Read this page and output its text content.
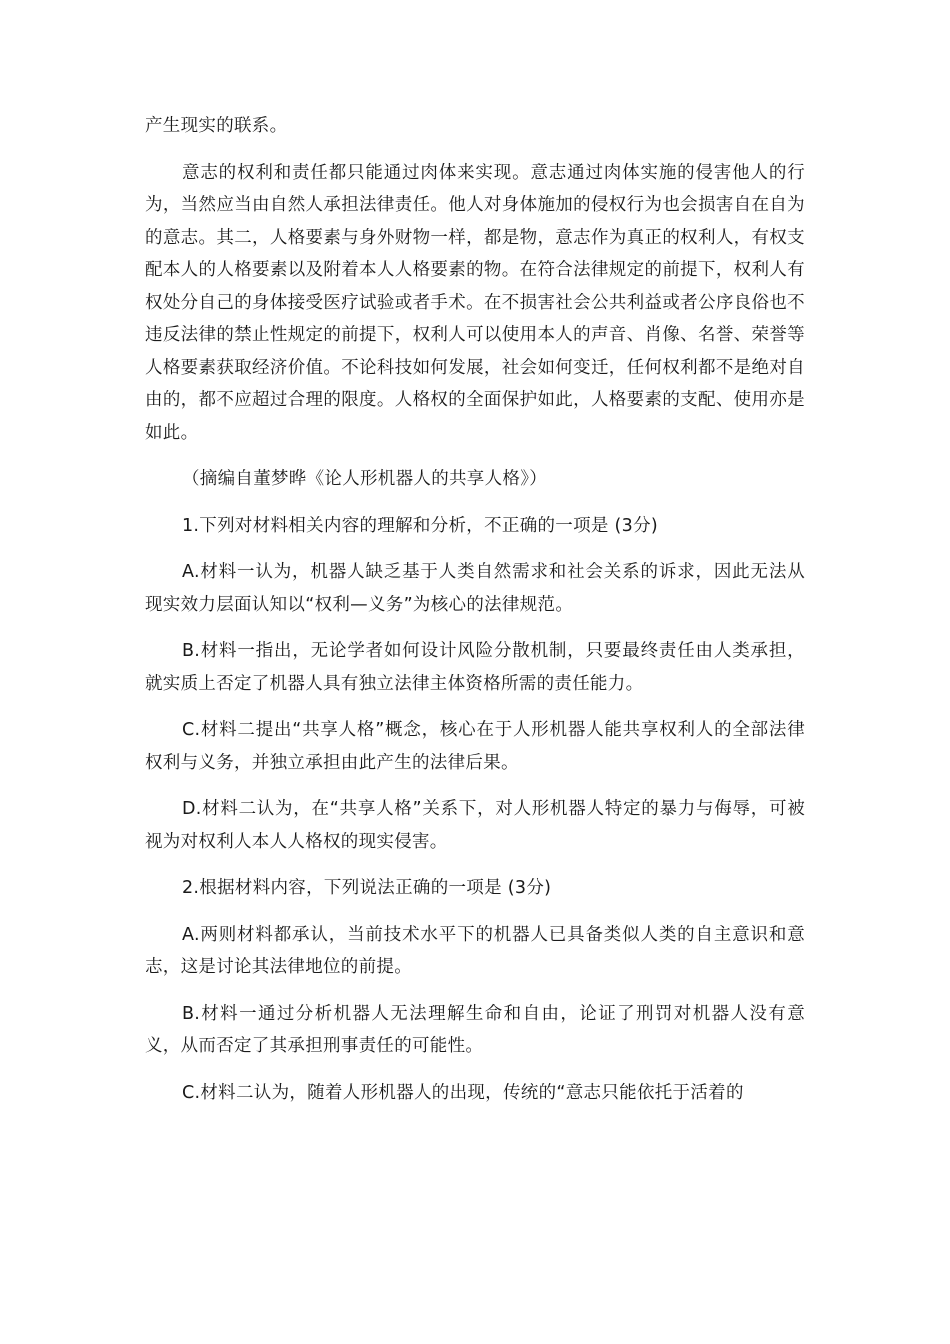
产生现实的联系。

意志的权利和责任都只能通过肉体来实现。意志通过肉体实施的侵害他人的行为，当然应当由自然人承担法律责任。他人对身体施加的侵权行为也会损害自在自为的意志。其二，人格要素与身外财物一样，都是物，意志作为真正的权利人，有权支配本人的人格要素以及附着本人人格要素的物。在符合法律规定的前提下，权利人有权处分自己的身体接受医疗试验或者手术。在不损害社会公共利益或者公序良俗也不违反法律的禁止性规定的前提下，权利人可以使用本人的声音、肖像、名誉、荣誉等人格要素获取经济价值。不论科技如何发展，社会如何变迁，任何权利都不是绝对自由的，都不应超过合理的限度。人格权的全面保护如此，人格要素的支配、使用亦是如此。

（摘编自董梦晔《论人形机器人的共享人格》）

1.下列对材料相关内容的理解和分析，不正确的一项是 (3分)

A.材料一认为，机器人缺乏基于人类自然需求和社会关系的诉求，因此无法从现实效力层面认知以“权利—义务”为核心的法律规范。

B.材料一指出，无论学者如何设计风险分散机制，只要最终责任由人类承担，就实质上否定了机器人具有独立法律主体资格所需的责任能力。

C.材料二提出“共享人格”概念，核心在于人形机器人能共享权利人的全部法律权利与义务，并独立承担由此产生的法律后果。

D.材料二认为，在“共享人格”关系下，对人形机器人特定的暴力与侮辱，可被视为对权利人本人人格权的现实侵害。

2.根据材料内容，下列说法正确的一项是 (3分)

A.两则材料都承认，当前技术水平下的机器人已具备类似人类的自主意识和意志，这是讨论其法律地位的前提。

B.材料一通过分析机器人无法理解生命和自由，论证了刑罚对机器人没有意义，从而否定了其承担刑事责任的可能性。

C.材料二认为，随着人形机器人的出现，传统的“意志只能依托于活着的
